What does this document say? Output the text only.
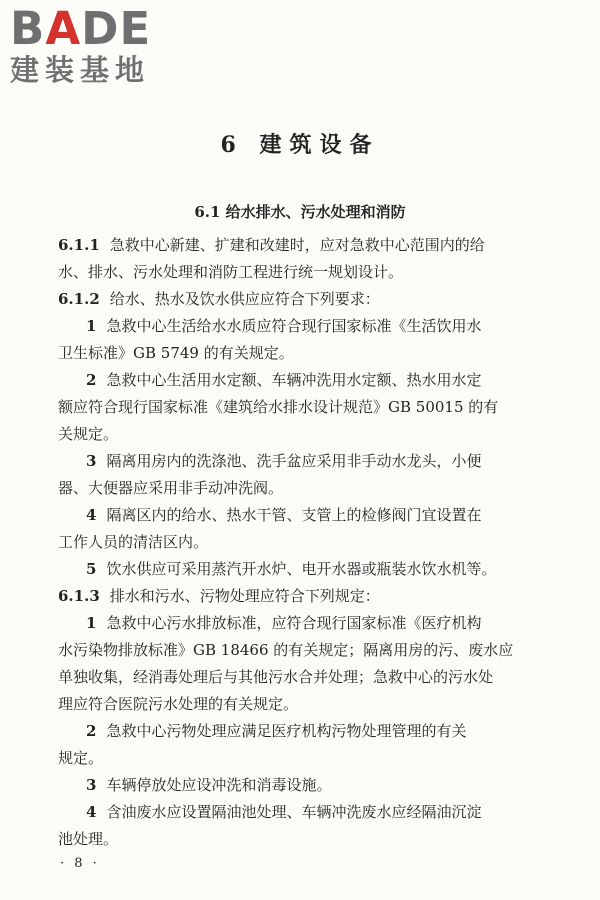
BADE
建装基地
6 建筑设备
6.1 给水排水、污水处理和消防
6.1.1 急救中心新建、扩建和改建时，应对急救中心范围内的给
水、排水、污水处理和消防工程进行统一规划设计。
6.1.2 给水、热水及饮水供应应符合下列要求：
1 急救中心生活给水水质应符合现行国家标准《生活饮用水
卫生标准》GB 5749 的有关规定。
2 急救中心生活用水定额、车辆冲洗用水定额、热水用水定
额应符合现行国家标准《建筑给水排水设计规范》GB 50015 的有
关规定。
3 隔离用房内的洗涤池、洗手盆应采用非手动水龙头，小便
器、大便器应采用非手动冲洗阀。
4 隔离区内的给水、热水干管、支管上的检修阀门宜设置在
工作人员的清洁区内。
5 饮水供应可采用蒸汽开水炉、电开水器或瓶装水饮水机等。
6.1.3 排水和污水、污物处理应符合下列规定：
1 急救中心污水排放标准，应符合现行国家标准《医疗机构
水污染物排放标准》GB 18466 的有关规定；隔离用房的污、废水应
单独收集，经消毒处理后与其他污水合并处理；急救中心的污水处
理应符合医院污水处理的有关规定。
2 急救中心污物处理应满足医疗机构污物处理管理的有关
规定。
3 车辆停放处应设冲洗和消毒设施。
4 含油废水应设置隔油池处理、车辆冲洗废水应经隔油沉淀
池处理。
· 8 ·
